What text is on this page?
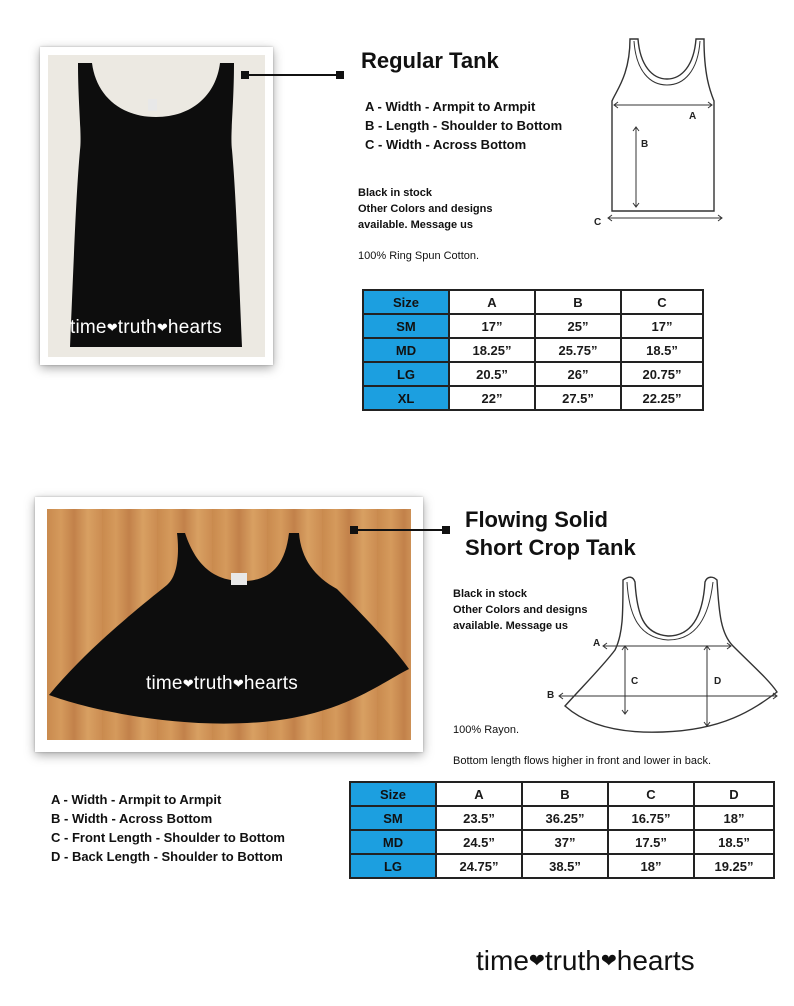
time❤truth❤hearts
Regular Tank
A - Width - Armpit to Armpit
B - Length - Shoulder to Bottom
C - Width - Across Bottom
Black in stock
Other Colors and designs
available. Message us
100% Ring Spun Cotton.
A
B
C
Size	A	B	C
SM	17”	25”	17”
MD	18.25”	25.75”	18.5”
LG	20.5”	26”	20.75”
XL	22”	27.5”	22.25”
time❤truth❤hearts
Flowing Solid
Short Crop Tank
Black in stock
Other Colors and designs
available. Message us
A
B
C	D
100% Rayon.
Bottom length flows higher in front and lower in back.
A - Width - Armpit to Armpit
B - Width - Across Bottom
C - Front Length - Shoulder to Bottom
D - Back Length - Shoulder to Bottom
Size	A	B	C	D
SM	23.5”	36.25”	16.75”	18”
MD	24.5”	37”	17.5”	18.5”
LG	24.75”	38.5”	18”	19.25”
time❤truth❤hearts
